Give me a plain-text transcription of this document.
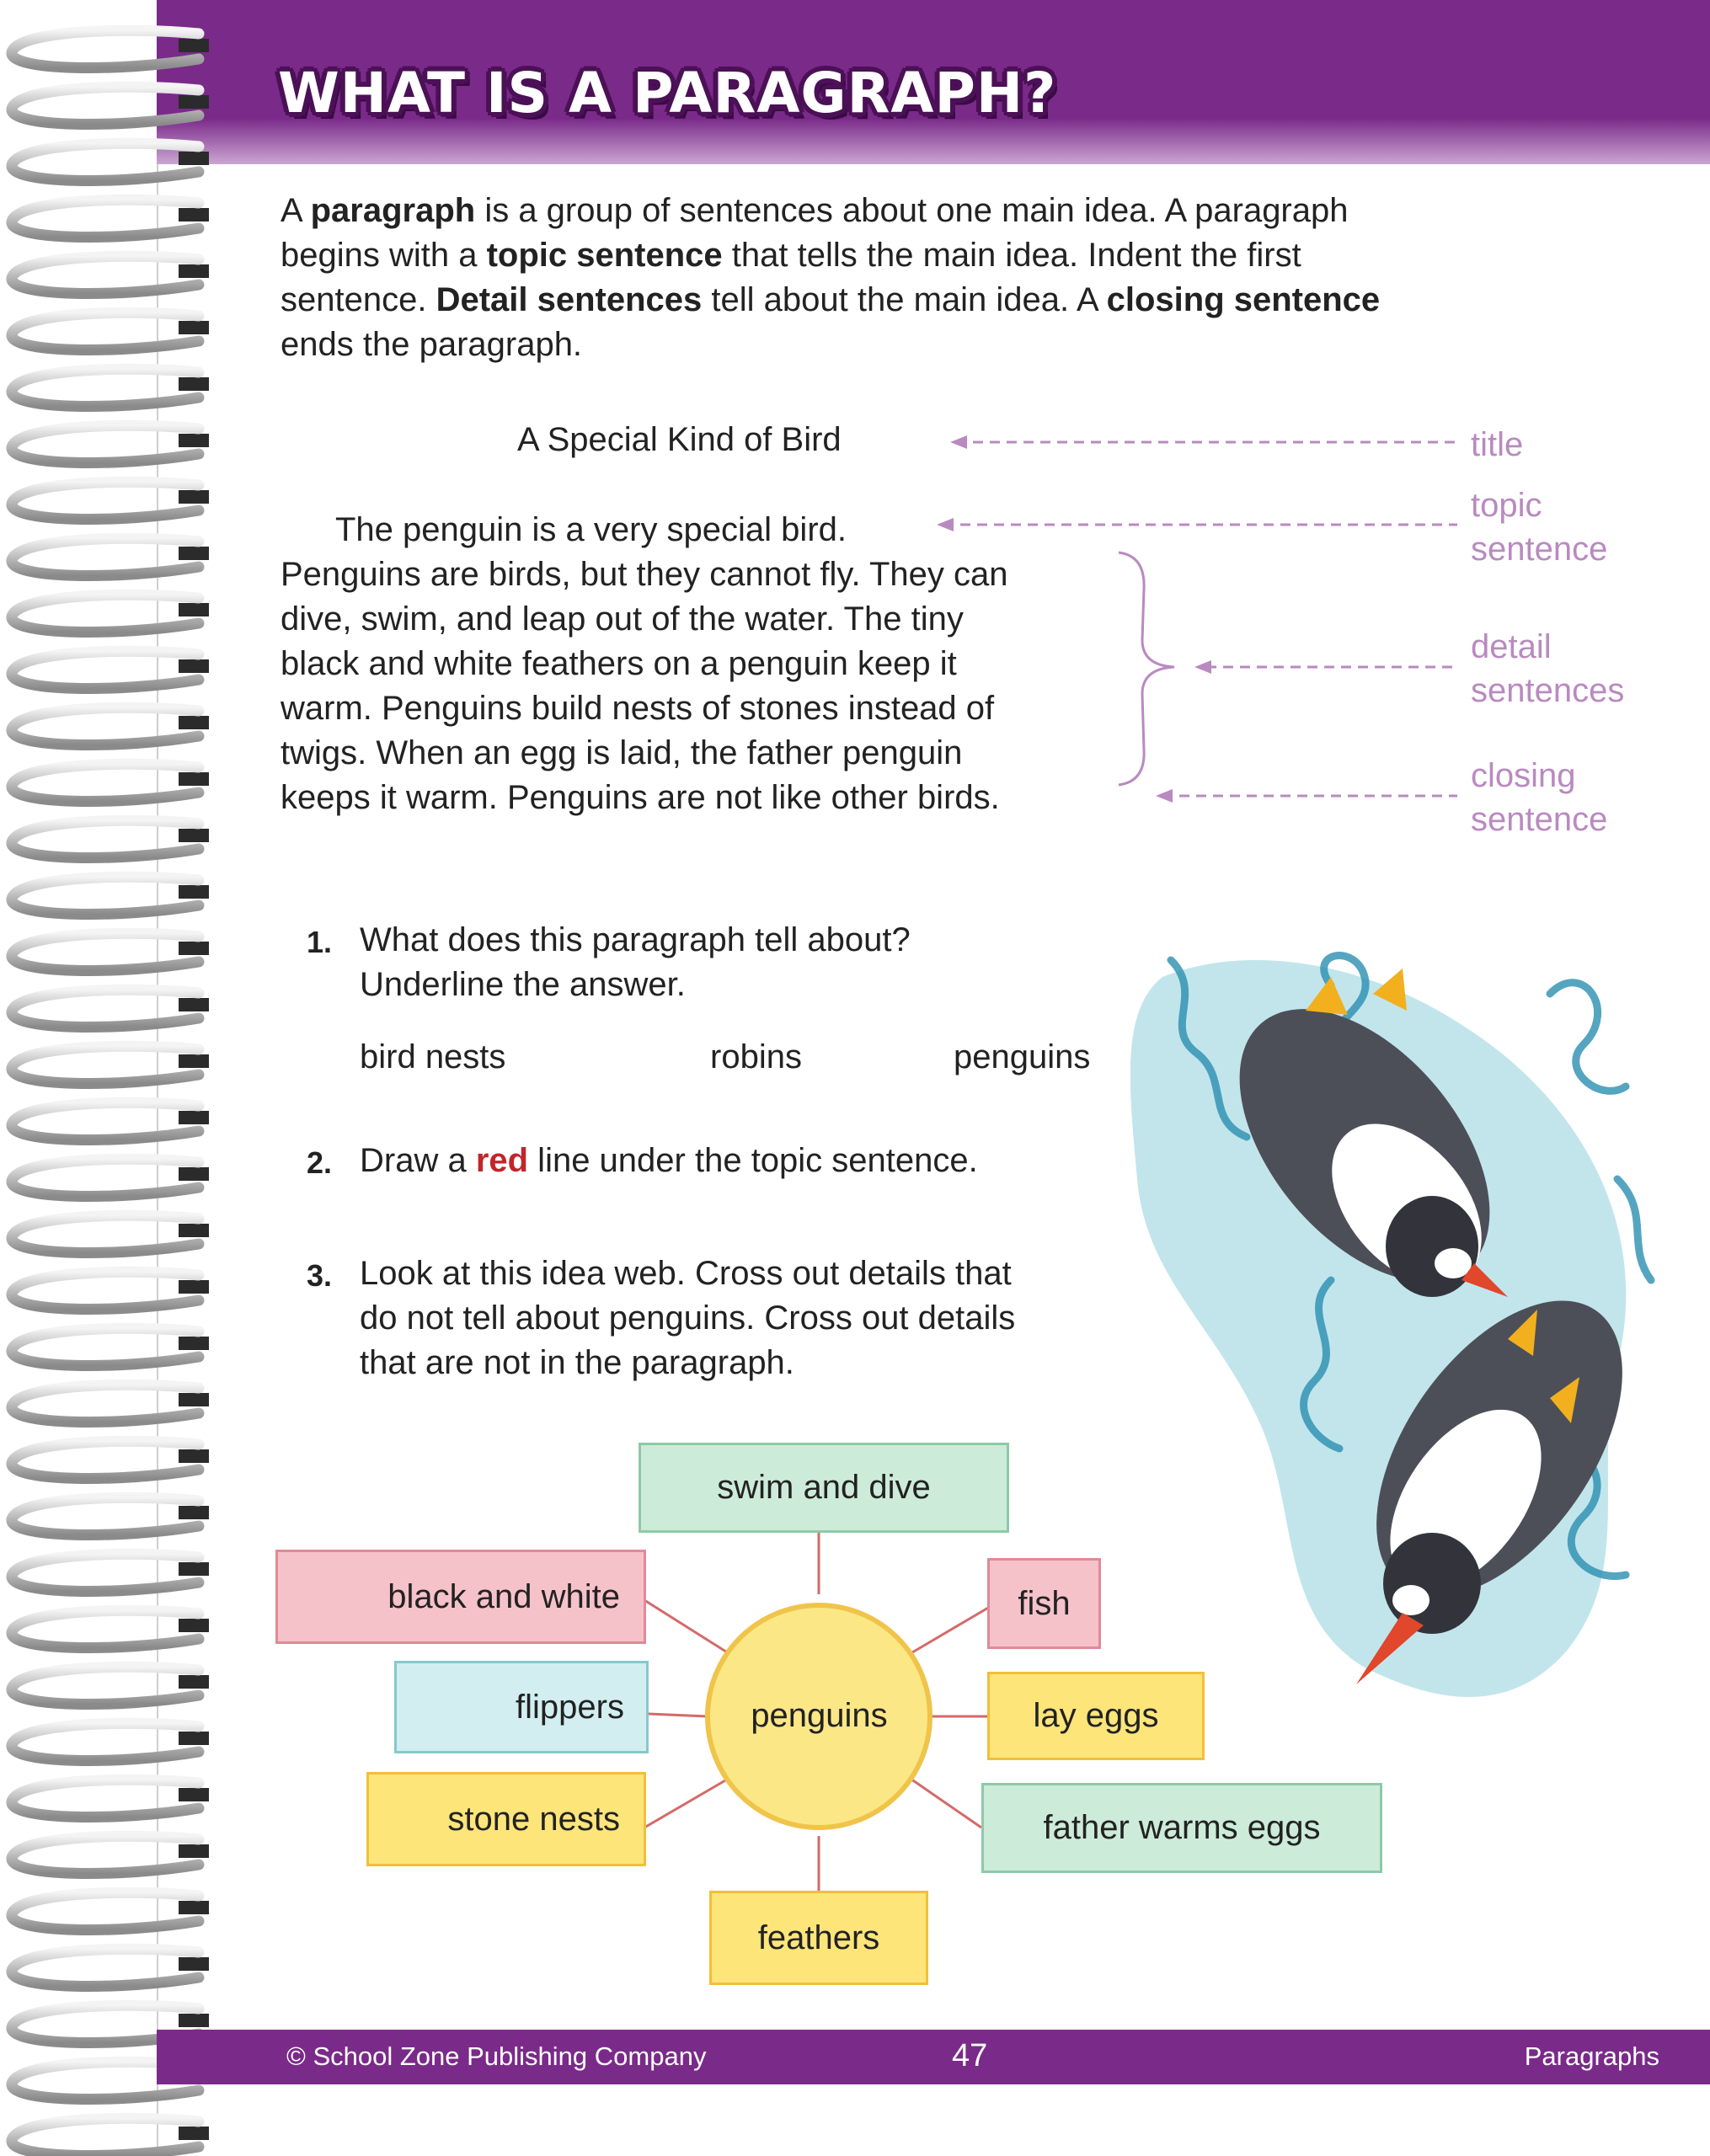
WHAT IS A PARAGRAPH?
A paragraph is a group of sentences about one main idea. A paragraph
begins with a topic sentence that tells the main idea. Indent the first
sentence. Detail sentences tell about the main idea. A closing sentence
ends the paragraph.
A Special Kind of Bird
The penguin is a very special bird.
Penguins are birds, but they cannot fly. They can
dive, swim, and leap out of the water. The tiny
black and white feathers on a penguin keep it
warm. Penguins build nests of stones instead of
twigs. When an egg is laid, the father penguin
keeps it warm. Penguins are not like other birds.
title
topic
sentence
detail
sentences
closing
sentence
1. What does this paragraph tell about?
Underline the answer.
bird nests	robins	penguins
2. Draw a red line under the topic sentence.
3. Look at this idea web. Cross out details that
do not tell about penguins. Cross out details
that are not in the paragraph.
penguins
swim and dive
black and white	fish
flippers	lay eggs
stone nests	father warms eggs
feathers
© School Zone Publishing Company	47	Paragraphs
